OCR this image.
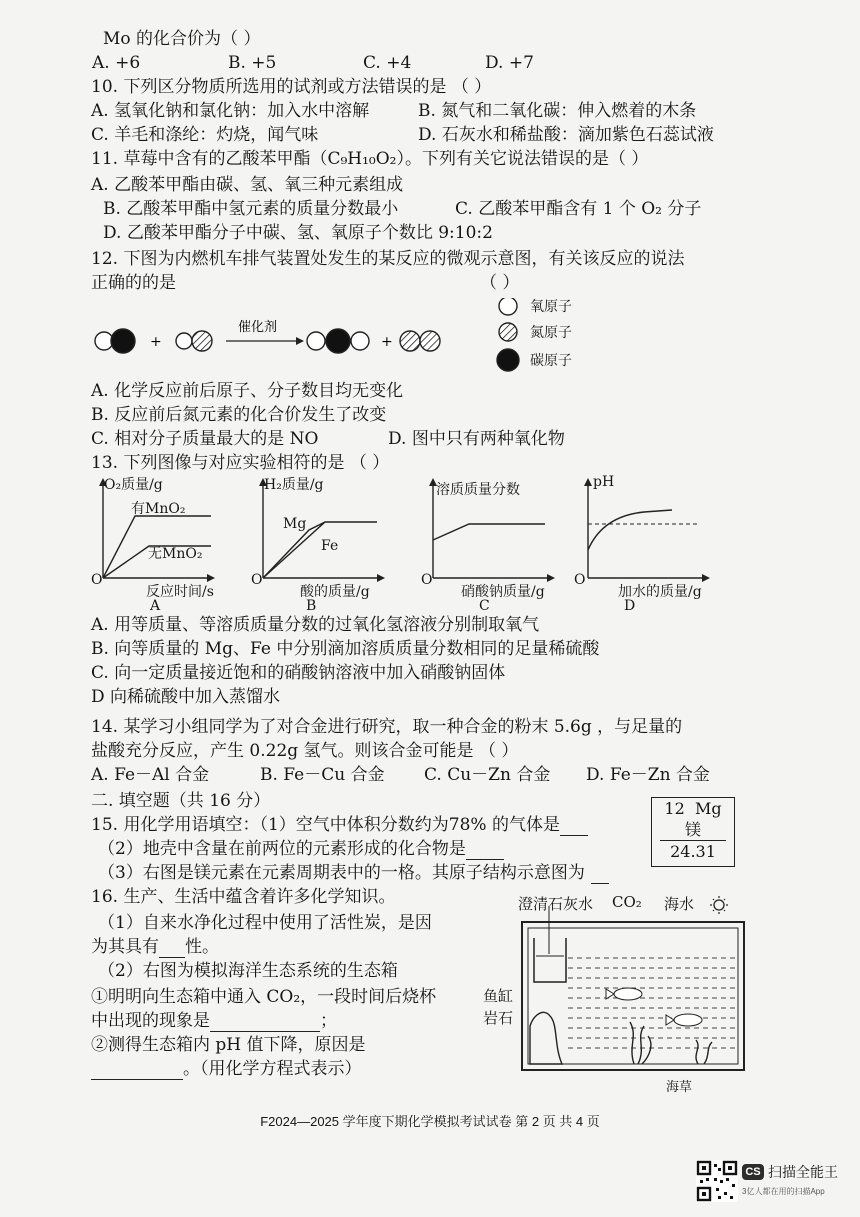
Mo 的化合价为（ ）
A. +6	B. +5	C. +4	D. +7
10. 下列区分物质所选用的试剂或方法错误的是 （ ）
A. 氢氧化钠和氯化钠：加入水中溶解	B. 氮气和二氧化碳：伸入燃着的木条
C. 羊毛和涤纶：灼烧，闻气味	D. 石灰水和稀盐酸：滴加紫色石蕊试液
11. 草莓中含有的乙酸苯甲酯（C₉H₁₀O₂）。下列有关它说法错误的是（ ）
A. 乙酸苯甲酯由碳、氢、氧三种元素组成
B. 乙酸苯甲酯中氢元素的质量分数最小	C. 乙酸苯甲酯含有 1 个 O₂ 分子
D. 乙酸苯甲酯分子中碳、氢、氧原子个数比 9:10:2
12. 下图为内燃机车排气装置处发生的某反应的微观示意图，有关该反应的说法
（ ）
正确的的是
+
催化剂
+
氧原子
氮原子
碳原子
A. 化学反应前后原子、分子数目均无变化
B. 反应前后氮元素的化合价发生了改变
C. 相对分子质量最大的是 NO	D. 图中只有两种氧化物
13. 下列图像与对应实验相符的是 （ ）
O₂质量/g
有MnO₂
无MnO₂
O
反应时间/s
A
H₂质量/g
Mg
Fe
O
酸的质量/g
B
溶质质量分数
O
硝酸钠质量/g
C
pH
O
加水的质量/g
D
A. 用等质量、等溶质质量分数的过氧化氢溶液分别制取氧气
B. 向等质量的 Mg、Fe 中分别滴加溶质质量分数相同的足量稀硫酸
C. 向一定质量接近饱和的硝酸钠溶液中加入硝酸钠固体
D 向稀硫酸中加入蒸馏水
14. 某学习小组同学为了对合金进行研究，取一种合金的粉末 5.6g ，与足量的
盐酸充分反应，产生 0.22g 氢气。则该合金可能是 （ ）
A. Fe－Al 合金	B. Fe－Cu 合金 C. Cu－Zn 合金 D. Fe－Zn 合金
二. 填空题（共 16 分）
15. 用化学用语填空：（1）空气中体积分数约为78% 的气体是
（2）地壳中含量在前两位的元素形成的化合物是
（3）右图是镁元素在元素周期表中的一格。其原子结构示意图为
12 Mg
镁
24.31
16. 生产、生活中蕴含着许多化学知识。
（1）自来水净化过程中使用了活性炭，是因
为其具有 性。
（2）右图为模拟海洋生态系统的生态箱
①明明向生态箱中通入 CO₂，一段时间后烧杯
中出现的现象是	；
②测得生态箱内 pH 值下降，原因是
。（用化学方程式表示）
澄清石灰水 CO₂ 海水
鱼缸
岩石
海草
F2024—2025 学年度下期化学模拟考试试卷 第 2 页 共 4 页
CS 扫描全能王
3亿人都在用的扫描App
